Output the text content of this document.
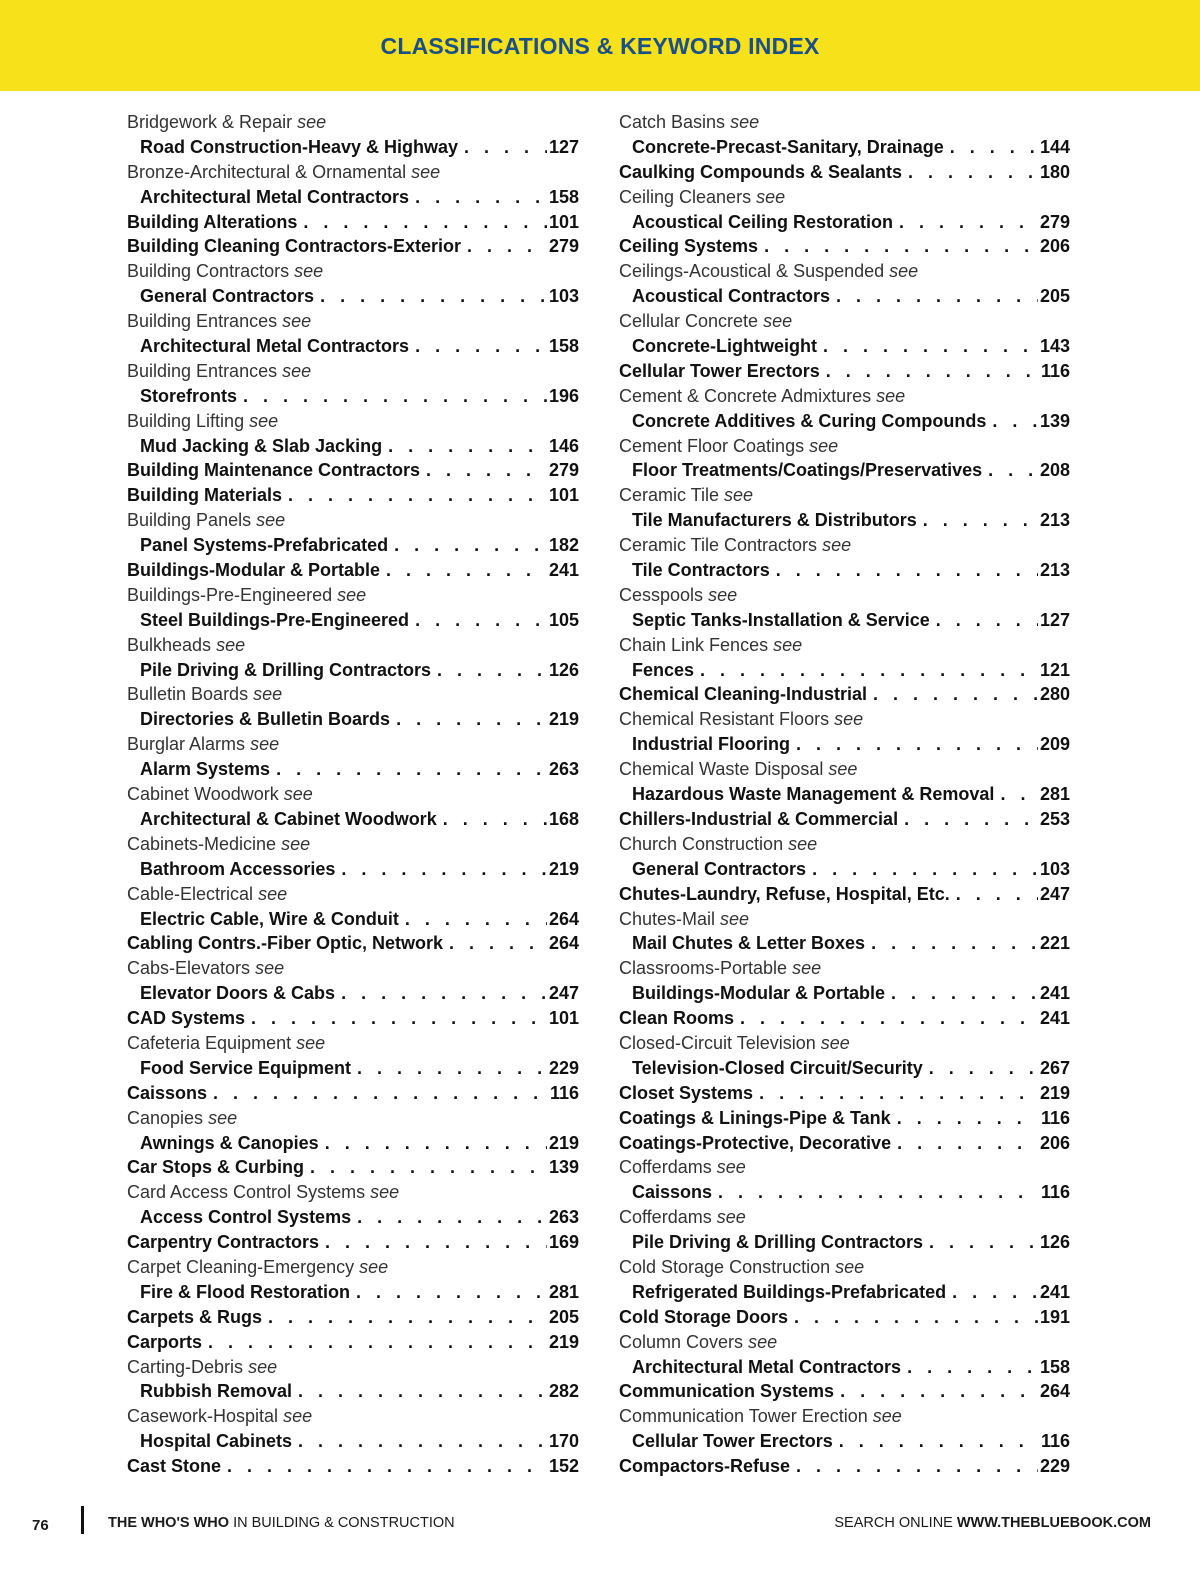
CLASSIFICATIONS & KEYWORD INDEX
Bridgework & Repair see
Road Construction-Heavy & Highway . . .	127
Bronze-Architectural & Ornamental see
Architectural Metal Contractors . . .	158
Building Alterations . . .	101
Building Cleaning Contractors-Exterior . . .	279
Building Contractors see
General Contractors . . .	103
Building Entrances see
Architectural Metal Contractors . . .	158
Building Entrances see
Storefronts . . .	196
Building Lifting see
Mud Jacking & Slab Jacking . . .	146
Building Maintenance Contractors . . .	279
Building Materials . . .	101
Building Panels see
Panel Systems-Prefabricated . . .	182
Buildings-Modular & Portable . . .	241
Buildings-Pre-Engineered see
Steel Buildings-Pre-Engineered . . .	105
Bulkheads see
Pile Driving & Drilling Contractors . . .	126
Bulletin Boards see
Directories & Bulletin Boards . . .	219
Burglar Alarms see
Alarm Systems . . .	263
Cabinet Woodwork see
Architectural & Cabinet Woodwork . . .	168
Cabinets-Medicine see
Bathroom Accessories . . .	219
Cable-Electrical see
Electric Cable, Wire & Conduit . . .	264
Cabling Contrs.-Fiber Optic, Network . . .	264
Cabs-Elevators see
Elevator Doors & Cabs . . .	247
CAD Systems . . .	101
Cafeteria Equipment see
Food Service Equipment . . .	229
Caissons . . .	116
Canopies see
Awnings & Canopies . . .	219
Car Stops & Curbing . . .	139
Card Access Control Systems see
Access Control Systems . . .	263
Carpentry Contractors . . .	169
Carpet Cleaning-Emergency see
Fire & Flood Restoration . . .	281
Carpets & Rugs . . .	205
Carports . . .	219
Carting-Debris see
Rubbish Removal . . .	282
Casework-Hospital see
Hospital Cabinets . . .	170
Cast Stone . . .	152
Catch Basins see
Concrete-Precast-Sanitary, Drainage . . .	144
Caulking Compounds & Sealants . . .	180
Ceiling Cleaners see
Acoustical Ceiling Restoration . . .	279
Ceiling Systems . . .	206
Ceilings-Acoustical & Suspended see
Acoustical Contractors . . .	205
Cellular Concrete see
Concrete-Lightweight . . .	143
Cellular Tower Erectors . . .	116
Cement & Concrete Admixtures see
Concrete Additives & Curing Compounds . . .	139
Cement Floor Coatings see
Floor Treatments/Coatings/Preservatives . . .	208
Ceramic Tile see
Tile Manufacturers & Distributors . . .	213
Ceramic Tile Contractors see
Tile Contractors . . .	213
Cesspools see
Septic Tanks-Installation & Service . . .	127
Chain Link Fences see
Fences . . .	121
Chemical Cleaning-Industrial . . .	280
Chemical Resistant Floors see
Industrial Flooring . . .	209
Chemical Waste Disposal see
Hazardous Waste Management & Removal . . .	281
Chillers-Industrial & Commercial . . .	253
Church Construction see
General Contractors . . .	103
Chutes-Laundry, Refuse, Hospital, Etc. . . .	247
Chutes-Mail see
Mail Chutes & Letter Boxes . . .	221
Classrooms-Portable see
Buildings-Modular & Portable . . .	241
Clean Rooms . . .	241
Closed-Circuit Television see
Television-Closed Circuit/Security . . .	267
Closet Systems . . .	219
Coatings & Linings-Pipe & Tank . . .	116
Coatings-Protective, Decorative . . .	206
Cofferdams see
Caissons . . .	116
Cofferdams see
Pile Driving & Drilling Contractors . . .	126
Cold Storage Construction see
Refrigerated Buildings-Prefabricated . . .	241
Cold Storage Doors . . .	191
Column Covers see
Architectural Metal Contractors . . .	158
Communication Systems . . .	264
Communication Tower Erection see
Cellular Tower Erectors . . .	116
Compactors-Refuse . . .	229
76	THE WHO'S WHO IN BUILDING & CONSTRUCTION	SEARCH ONLINE WWW.THEBLUEBOOK.COM
